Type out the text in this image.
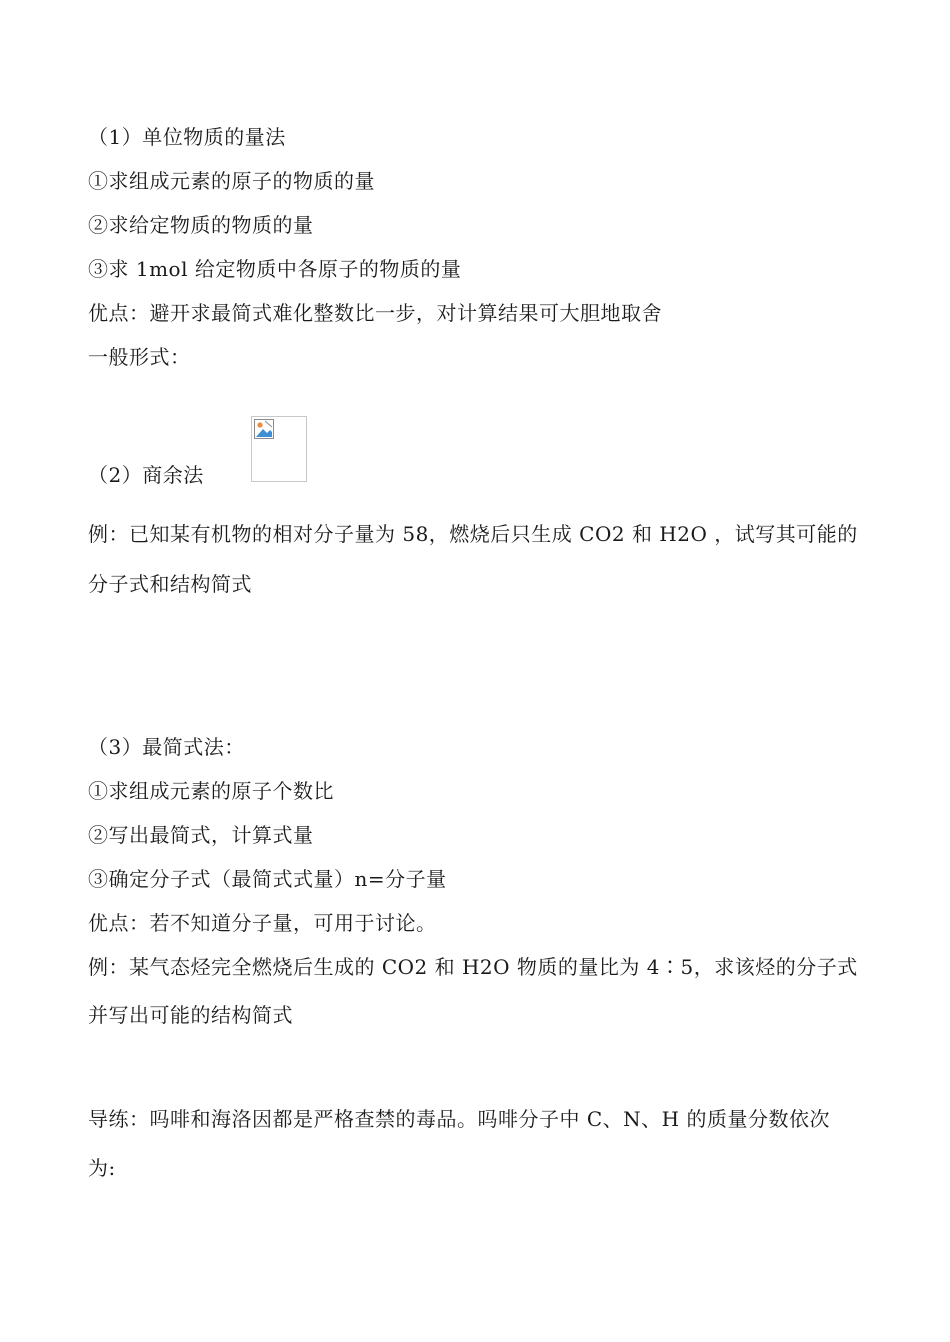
（1）单位物质的量法
①求组成元素的原子的物质的量
②求给定物质的物质的量
③求 1mol 给定物质中各原子的物质的量
优点：避开求最简式难化整数比一步，对计算结果可大胆地取舍
一般形式：
（2）商余法
例：已知某有机物的相对分子量为 58，燃烧后只生成 CO2 和 H2O ，试写其可能的
分子式和结构简式
（3）最简式法：
①求组成元素的原子个数比
②写出最简式，计算式量
③确定分子式（最简式式量）n=分子量
优点：若不知道分子量，可用于讨论。
例：某气态烃完全燃烧后生成的 CO2 和 H2O 物质的量比为 4∶5，求该烃的分子式
并写出可能的结构简式
导练：吗啡和海洛因都是严格查禁的毒品。吗啡分子中 C、N、H 的质量分数依次
为:
